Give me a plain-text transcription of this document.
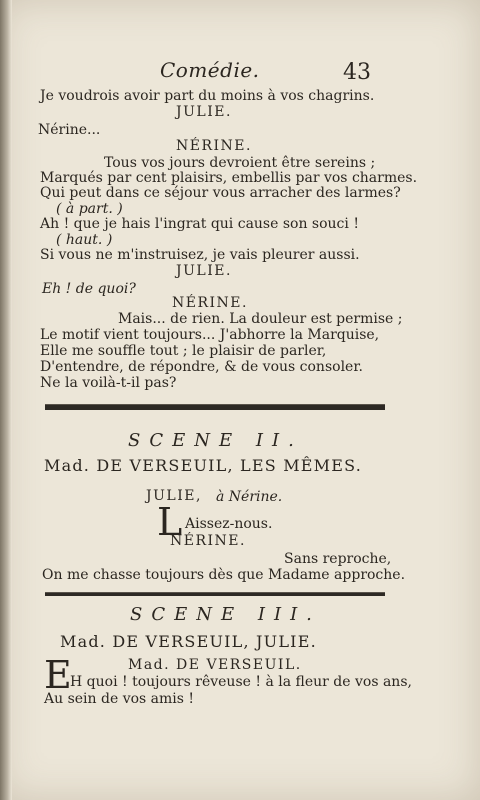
Comédie.	43
Je voudrois avoir part du moins à vos chagrins.
JULIE.
Nérine...
NÉRINE.
Tous vos jours devroient être sereins ;
Marqués par cent plaisirs, embellis par vos charmes.
Qui peut dans ce séjour vous arracher des larmes?
( à part. )
Ah ! que je hais l'ingrat qui cause son souci !
( haut. )
Si vous ne m'instruisez, je vais pleurer aussi.
JULIE.
Eh ! de quoi?
NÉRINE.
Mais... de rien. La douleur est permise ;
Le motif vient toujours... J'abhorre la Marquise,
Elle me souffle tout ; le plaisir de parler,
D'entendre, de répondre, & de vous consoler.
Ne la voilà-t-il pas?
SCENE II.
Mad. DE VERSEUIL, LES MÊMES.
JULIE, à Nérine.
L Aissez-nous.
NÉRINE.
Sans reproche,
On me chasse toujours dès que Madame approche.
SCENE III.
Mad. DE VERSEUIL, JULIE.
E	Mad. DE VERSEUIL.
H quoi ! toujours rêveuse ! à la fleur de vos ans,
Au sein de vos amis !
